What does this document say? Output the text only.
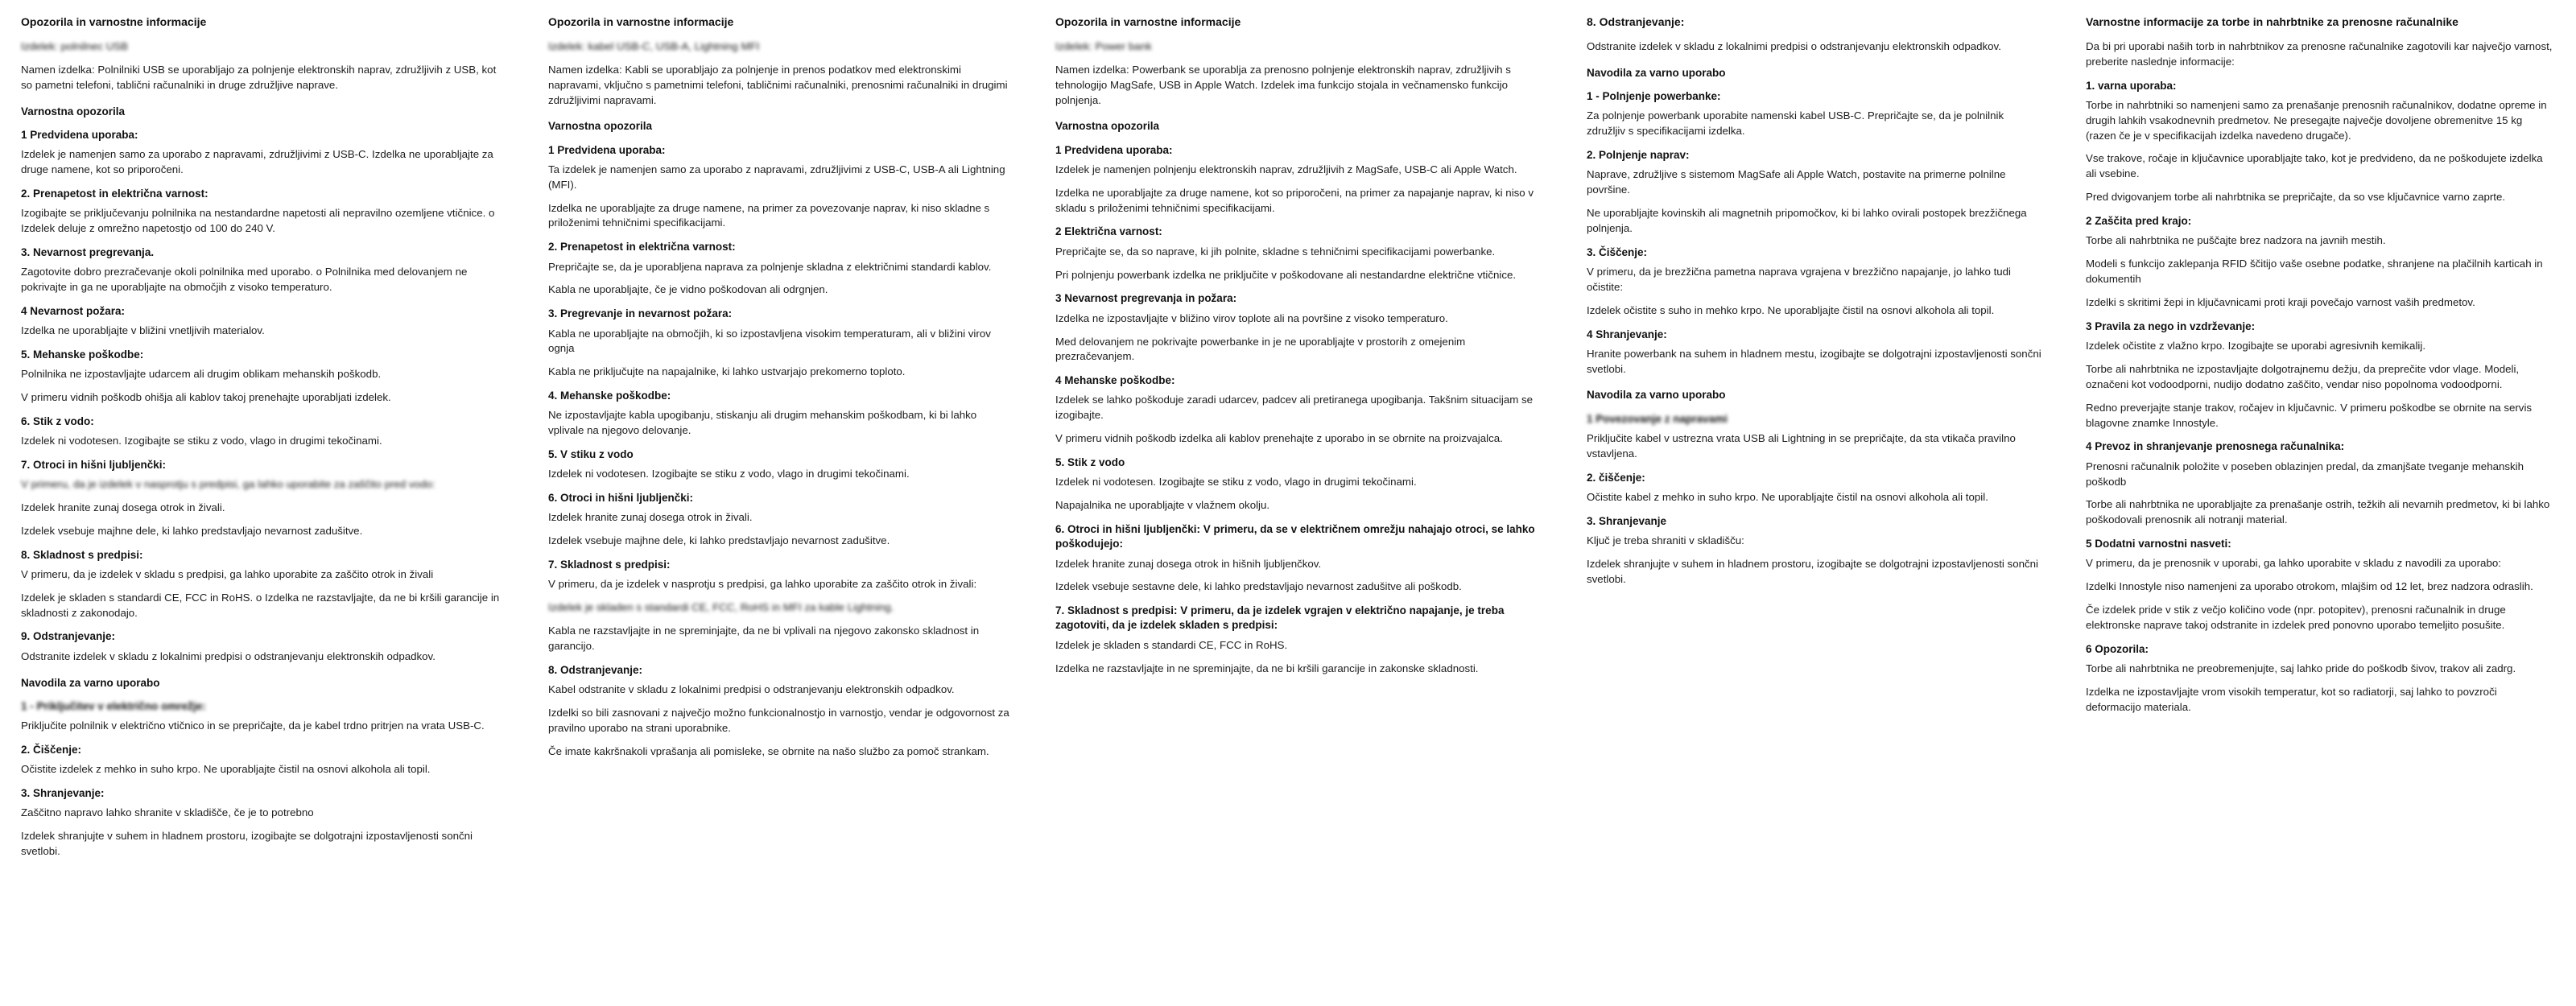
Opozorila in varnostne informacije

Izdelek: polnilnec USB

Namen izdelka: Polnilniki USB se uporabljajo za polnjenje elektronskih naprav, združljivih z USB, kot so pametni telefoni, tablični računalniki in druge združljive naprave.

Varnostna opozorila
1 Predvidena uporaba:

Izdelek je namenjen samo za uporabo z napravami, združljivimi z USB-C. Izdelka ne uporabljajte za druge namene, kot so priporočeni.

2. Prenapetost in električna varnost:

Izogibajte se priključevanju polnilnika na nestandardne napetosti ali nepravilno ozemljene vtičnice. o Izdelek deluje z omrežno napetostjo od 100 do 240 V.

3. Nevarnost pregrevanja.

Zagotovite dobro prezračevanje okoli polnilnika med uporabo. o Polnilnika med delovanjem ne pokrivajte in ga ne uporabljajte na območjih z visoko temperaturo.

4 Nevarnost požara:

Izdelka ne uporabljajte v bližini vnetljivih materialov.

5. Mehanske poškodbe:

Polnilnika ne izpostavljajte udarcem ali drugim oblikam mehanskih poškodb.

V primeru vidnih poškodb ohišja ali kablov takoj prenehajte uporabljati izdelek.

6. Stik z vodo:

Izdelek ni vodotesen. Izogibajte se stiku z vodo, vlago in drugimi tekočinami.

7. Otroci in hišni ljubljenčki:

V primeru, da je izdelek v nasprotju s predpisi, ga lahko uporabite za zaščito pred vodo:

Izdelek hranite zunaj dosega otrok in živali.

Izdelek vsebuje majhne dele, ki lahko predstavljajo nevarnost zadušitve.

8. Skladnost s predpisi:

V primeru, da je izdelek v skladu s predpisi, ga lahko uporabite za zaščito otrok in živali

Izdelek je skladen s standardi CE, FCC in RoHS. o Izdelka ne razstavljajte, da ne bi kršili garancije in skladnosti z zakonodajo.

9. Odstranjevanje:

Odstranite izdelek v skladu z lokalnimi predpisi o odstranjevanju elektronskih odpadkov.

Navodila za varno uporabo
1 - Priključitev v električno omrežje:

Priključite polnilnik v električno vtičnico in se prepričajte, da je kabel trdno pritrjen na vrata USB-C.

2. Čiščenje:

Očistite izdelek z mehko in suho krpo. Ne uporabljajte čistil na osnovi alkohola ali topil.

3. Shranjevanje:

Zaščitno napravo lahko shranite v skladišče, če je to potrebno

Izdelek shranjujte v suhem in hladnem prostoru, izogibajte se dolgotrajni izpostavljenosti sončni svetlobi.

Opozorila in varnostne informacije

Izdelek: kabel USB-C, USB-A, Lightning MFI

Namen izdelka: Kabli se uporabljajo za polnjenje in prenos podatkov med elektronskimi napravami, vključno s pametnimi telefoni, tabličnimi računalniki, prenosnimi računalniki in drugimi združljivimi napravami.

Varnostna opozorila
1 Predvidena uporaba:

Ta izdelek je namenjen samo za uporabo z napravami, združljivimi z USB-C, USB-A ali Lightning (MFI).

Izdelka ne uporabljajte za druge namene, na primer za povezovanje naprav, ki niso skladne s priloženimi tehničnimi specifikacijami.

2. Prenapetost in električna varnost:

Prepričajte se, da je uporabljena naprava za polnjenje skladna z električnimi standardi kablov.

Kabla ne uporabljajte, če je vidno poškodovan ali odrgnjen.

3. Pregrevanje in nevarnost požara:

Kabla ne uporabljajte na območjih, ki so izpostavljena visokim temperaturam, ali v bližini virov ognja

Kabla ne priključujte na napajalnike, ki lahko ustvarjajo prekomerno toploto.

4. Mehanske poškodbe:

Ne izpostavljajte kabla upogibanju, stiskanju ali drugim mehanskim poškodbam, ki bi lahko vplivale na njegovo delovanje.

5. V stiku z vodo

Izdelek ni vodotesen. Izogibajte se stiku z vodo, vlago in drugimi tekočinami.

6. Otroci in hišni ljubljenčki:

Izdelek hranite zunaj dosega otrok in živali.

Izdelek vsebuje majhne dele, ki lahko predstavljajo nevarnost zadušitve.

7. Skladnost s predpisi:

V primeru, da je izdelek v nasprotju s predpisi, ga lahko uporabite za zaščito otrok in živali:

Izdelek je skladen s standardi CE, FCC, RoHS in MFI za kable Lightning.

Kabla ne razstavljajte in ne spreminjajte, da ne bi vplivali na njegovo zakonsko skladnost in garancijo.

8. Odstranjevanje:

Kabel odstranite v skladu z lokalnimi predpisi o odstranjevanju elektronskih odpadkov.

Izdelki so bili zasnovani z največjo možno funkcionalnostjo in varnostjo, vendar je odgovornost za pravilno uporabo na strani uporabnike.

Če imate kakršnakoli vprašanja ali pomisleke, se obrnite na našo službo za pomoč strankam.

Opozorila in varnostne informacije

Izdelek: Power bank

Namen izdelka: Powerbank se uporablja za prenosno polnjenje elektronskih naprav, združljivih s tehnologijo MagSafe, USB in Apple Watch. Izdelek ima funkcijo stojala in večnamensko funkcijo polnjenja.

Varnostna opozorila
1 Predvidena uporaba:

Izdelek je namenjen polnjenju elektronskih naprav, združljivih z MagSafe, USB-C ali Apple Watch.

Izdelka ne uporabljajte za druge namene, kot so priporočeni, na primer za napajanje naprav, ki niso v skladu s priloženimi tehničnimi specifikacijami.

2 Električna varnost:

Prepričajte se, da so naprave, ki jih polnite, skladne s tehničnimi specifikacijami powerbanke.

Pri polnjenju powerbank izdelka ne priključite v poškodovane ali nestandardne električne vtičnice.

3 Nevarnost pregrevanja in požara:

Izdelka ne izpostavljajte v bližino virov toplote ali na površine z visoko temperaturo.

Med delovanjem ne pokrivajte powerbanke in je ne uporabljajte v prostorih z omejenim prezračevanjem.

4 Mehanske poškodbe:

Izdelek se lahko poškoduje zaradi udarcev, padcev ali pretiranega upogibanja. Takšnim situacijam se izogibajte.

V primeru vidnih poškodb izdelka ali kablov prenehajte z uporabo in se obrnite na proizvajalca.

5. Stik z vodo

Izdelek ni vodotesen. Izogibajte se stiku z vodo, vlago in drugimi tekočinami.

Napajalnika ne uporabljajte v vlažnem okolju.

6. Otroci in hišni ljubljenčki: V primeru, da se v električnem omrežju nahajajo otroci, se lahko poškodujejo:

Izdelek hranite zunaj dosega otrok in hišnih ljubljenčkov.

Izdelek vsebuje sestavne dele, ki lahko predstavljajo nevarnost zadušitve ali poškodb.

7. Skladnost s predpisi: V primeru, da je izdelek vgrajen v električno napajanje, je treba zagotoviti, da je izdelek skladen s predpisi:

Izdelek je skladen s standardi CE, FCC in RoHS.

Izdelka ne razstavljajte in ne spreminjajte, da ne bi kršili garancije in zakonske skladnosti.

8. Odstranjevanje:

Odstranite izdelek v skladu z lokalnimi predpisi o odstranjevanju elektronskih odpadkov.

Navodila za varno uporabo
1 - Polnjenje powerbanke:

Za polnjenje powerbank uporabite namenski kabel USB-C. Prepričajte se, da je polnilnik združljiv s specifikacijami izdelka.

2. Polnjenje naprav:

Naprave, združljive s sistemom MagSafe ali Apple Watch, postavite na primerne polnilne površine.

Ne uporabljajte kovinskih ali magnetnih pripomočkov, ki bi lahko ovirali postopek brezžičnega polnjenja.

3. Čiščenje:

V primeru, da je brezžična pametna naprava vgrajena v brezžično napajanje, jo lahko tudi očistite:

Izdelek očistite s suho in mehko krpo. Ne uporabljajte čistil na osnovi alkohola ali topil.

4 Shranjevanje:

Hranite powerbank na suhem in hladnem mestu, izogibajte se dolgotrajni izpostavljenosti sončni svetlobi.

Navodila za varno uporabo
1 Povezovanje z napravami

Priključite kabel v ustrezna vrata USB ali Lightning in se prepričajte, da sta vtikača pravilno vstavljena.

2. čiščenje:

Očistite kabel z mehko in suho krpo. Ne uporabljajte čistil na osnovi alkohola ali topil.

3. Shranjevanje

Ključ je treba shraniti v skladišču:

Izdelek shranjujte v suhem in hladnem prostoru, izogibajte se dolgotrajni izpostavljenosti sončni svetlobi.

Varnostne informacije za torbe in nahrbtnike za prenosne računalnike

Da bi pri uporabi naših torb in nahrbtnikov za prenosne računalnike zagotovili kar največjo varnost, preberite naslednje informacije:

1. varna uporaba:

Torbe in nahrbtniki so namenjeni samo za prenašanje prenosnih računalnikov, dodatne opreme in drugih lahkih vsakodnevnih predmetov. Ne presegajte največje dovoljene obremenitve 15 kg (razen če je v specifikacijah izdelka navedeno drugače).

Vse trakove, ročaje in ključavnice uporabljajte tako, kot je predvideno, da ne poškodujete izdelka ali vsebine.

Pred dvigovanjem torbe ali nahrbtnika se prepričajte, da so vse ključavnice varno zaprte.

2 Zaščita pred krajo:

Torbe ali nahrbtnika ne puščajte brez nadzora na javnih mestih.

Modeli s funkcijo zaklepanja RFID ščitijo vaše osebne podatke, shranjene na plačilnih karticah in dokumentih

Izdelki s skritimi žepi in ključavnicami proti kraji povečajo varnost vaših predmetov.

3 Pravila za nego in vzdrževanje:

Izdelek očistite z vlažno krpo. Izogibajte se uporabi agresivnih kemikalij.

Torbe ali nahrbtnika ne izpostavljajte dolgotrajnemu dežju, da preprečite vdor vlage. Modeli, označeni kot vodoodporni, nudijo dodatno zaščito, vendar niso popolnoma vodoodporni.

Redno preverjajte stanje trakov, ročajev in ključavnic. V primeru poškodbe se obrnite na servis blagovne znamke Innostyle.

4 Prevoz in shranjevanje prenosnega računalnika:

Prenosni računalnik položite v poseben oblazinjen predal, da zmanjšate tveganje mehanskih poškodb

Torbe ali nahrbtnika ne uporabljajte za prenašanje ostrih, težkih ali nevarnih predmetov, ki bi lahko poškodovali prenosnik ali notranji material.

5 Dodatni varnostni nasveti:

V primeru, da je prenosnik v uporabi, ga lahko uporabite v skladu z navodili za uporabo:

Izdelki Innostyle niso namenjeni za uporabo otrokom, mlajšim od 12 let, brez nadzora odraslih.

Če izdelek pride v stik z večjo količino vode (npr. potopitev), prenosni računalnik in druge elektronske naprave takoj odstranite in izdelek pred ponovno uporabo temeljito posušite.

6 Opozorila:

Torbe ali nahrbtnika ne preobremenjujte, saj lahko pride do poškodb šivov, trakov ali zadrg.

Izdelka ne izpostavljajte vrom visokih temperatur, kot so radiatorji, saj lahko to povzroči deformacijo materiala.
